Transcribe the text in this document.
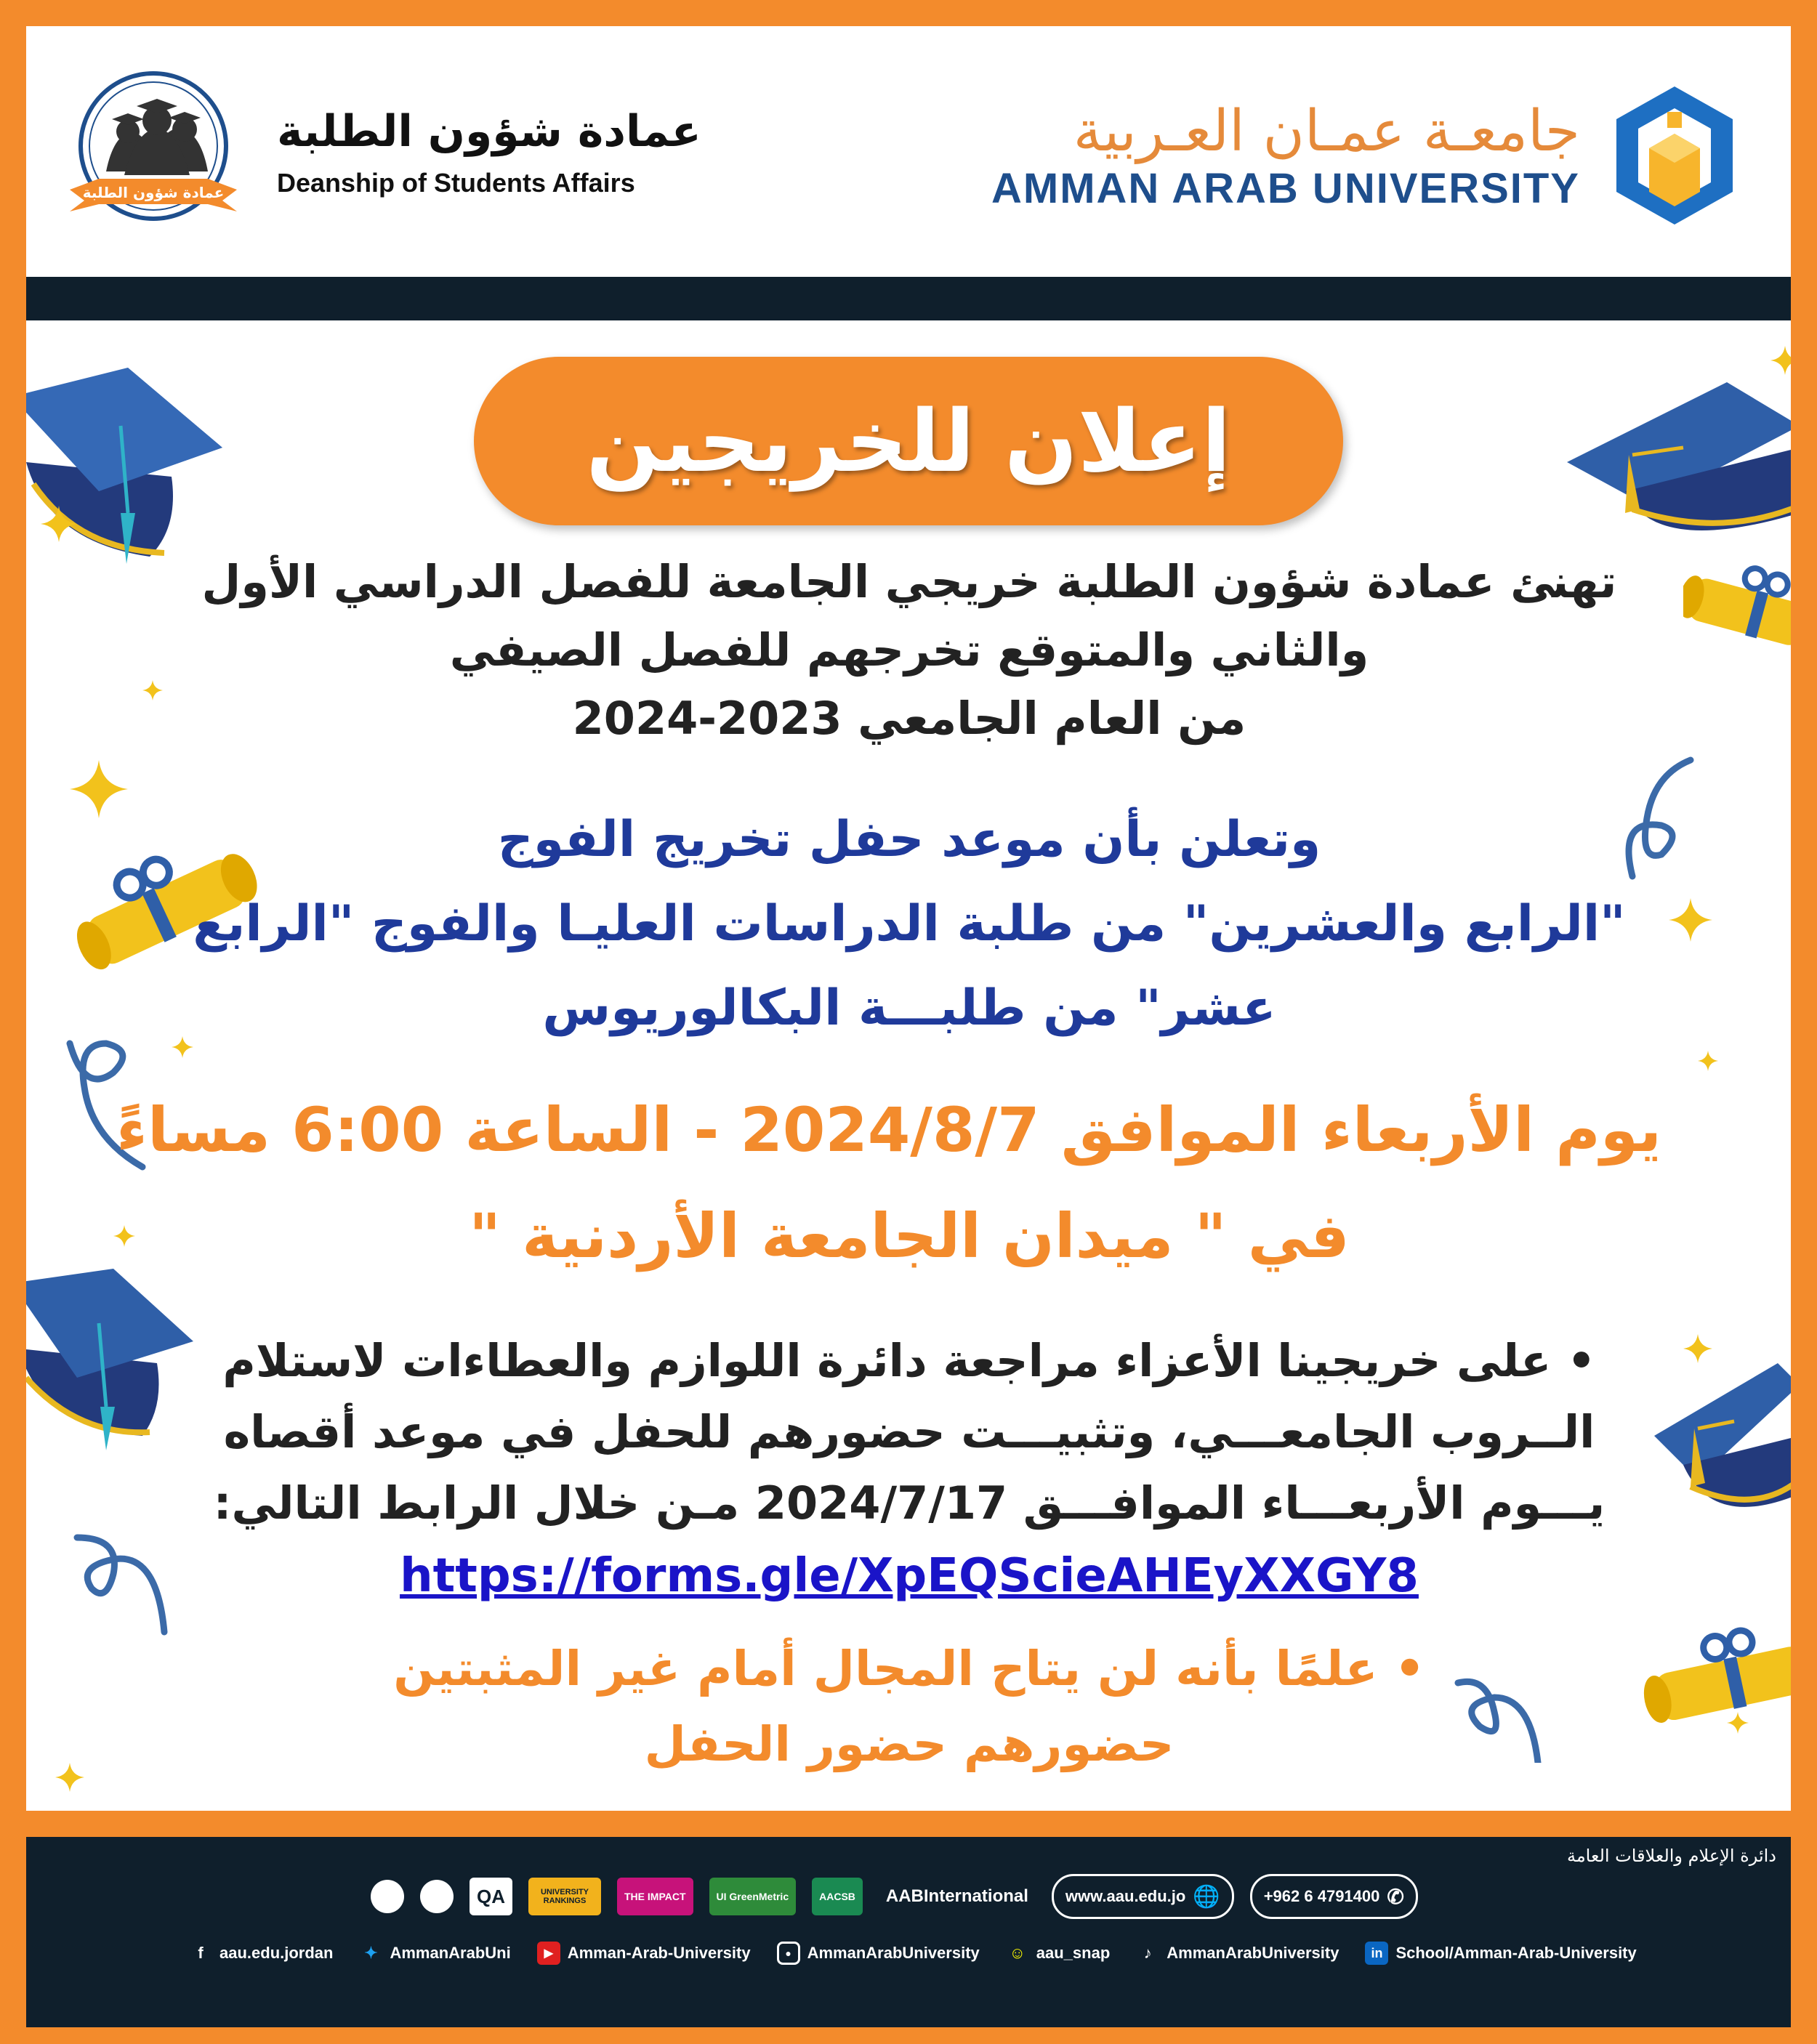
جامعـة عمـان العـربية
AMMAN ARAB UNIVERSITY
عمادة شؤون الطلبة
عمادة شؤون الطلبة
Deanship of Students Affairs
إعلان للخريجين
تهنئ عمادة شؤون الطلبة خريجي الجامعة للفصل الدراسي الأول
والثاني والمتوقع تخرجهم للفصل الصيفي
من العام الجامعي 2023-2024
وتعلن بأن موعد حفل تخريج الفوج
"الرابع والعشرين" من طلبة الدراسات العليـا والفوج "الرابع
عشر" من طلبـــة البكالوريوس
يوم الأربعاء الموافق 2024/8/7 - الساعة 6:00 مساءً
في " ميدان الجامعة الأردنية "
• على خريجينا الأعزاء مراجعة دائرة اللوازم والعطاءات لاستلام
الــروب الجامعـــي، وتثبيـــت حضورهم للحفل في موعد أقصاه
يـــوم الأربعـــاء الموافـــق 2024/7/17 مـن خلال الرابط التالي:
https://forms.gle/XpEQScieAHEyXXGY8
• علمًا بأنه لن يتاح المجال أمام غير المثبتين
حضورهم حضور الحفل
دائرة الإعلام والعلاقات العامة
QA	UNIVERSITY RANKINGS	THE IMPACT	UI GreenMetric	AACSB	AABInternational	www.aau.edu.jo 🌐	+962 6 4791400 ✆
f	aau.edu.jordan	✦ AmmanArabUni	▶ Amman-Arab-University	● AmmanArabUniversity ☺ aau_snap	♪ AmmanArabUniversity	in School/Amman-Arab-University
